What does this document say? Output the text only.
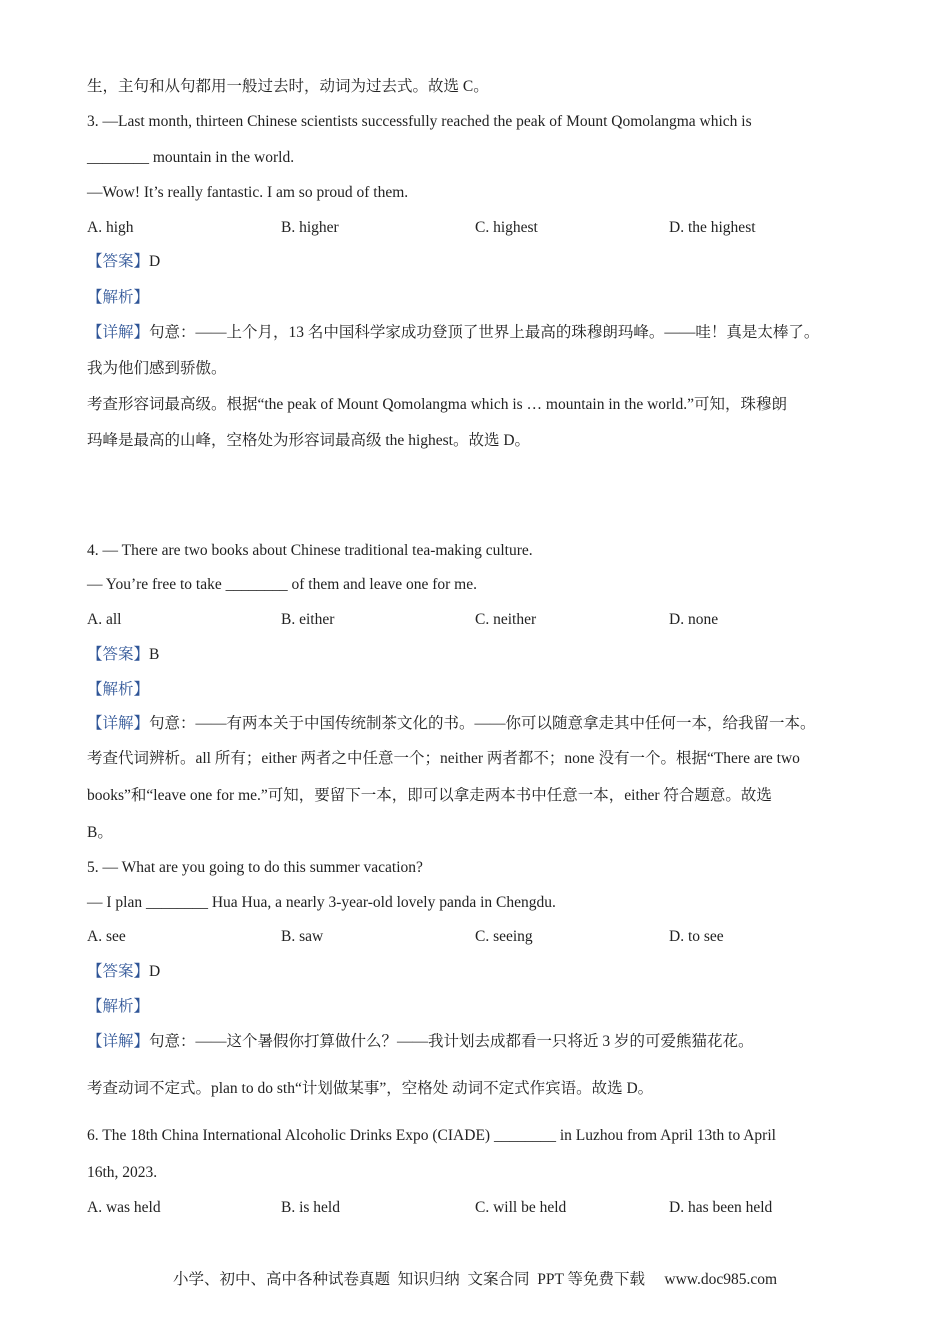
生，主句和从句都用一般过去时，动词为过去式。故选 C。
3. —Last month, thirteen Chinese scientists successfully reached the peak of Mount Qomolangma which is
________ mountain in the world.
—Wow! It’s really fantastic. I am so proud of them.
A. high	B. higher	C. highest	D. the highest
【答案】D
【解析】
【详解】句意：——上个月，13 名中国科学家成功登顶了世界上最高的珠穆朗玛峰。——哇！真是太棒了。
我为他们感到骄傲。
考查形容词最高级。根据“the peak of Mount Qomolangma which is … mountain in the world.”可知，珠穆朗
玛峰是最高的山峰，空格处为形容词最高级 the highest。故选 D。
4. — There are two books about Chinese traditional tea-making culture.
— You’re free to take ________ of them and leave one for me.
A. all	B. either	C. neither	D. none
【答案】B
【解析】
【详解】句意：——有两本关于中国传统制茶文化的书。——你可以随意拿走其中任何一本，给我留一本。
考查代词辨析。all 所有；either 两者之中任意一个；neither 两者都不；none 没有一个。根据“There are two
books”和“leave one for me.”可知，要留下一本，即可以拿走两本书中任意一本，either 符合题意。故选
B。
5. — What are you going to do this summer vacation?
— I plan ________ Hua Hua, a nearly 3-year-old lovely panda in Chengdu.
A. see	B. saw	C. seeing	D. to see
【答案】D
【解析】
【详解】句意：——这个暑假你打算做什么？——我计划去成都看一只将近 3 岁的可爱熊猫花花。
考查动词不定式。plan to do sth“计划做某事”，空格处 动词不定式作宾语。故选 D。
6. The 18th China International Alcoholic Drinks Expo (CIADE) ________ in Luzhou from April 13th to April
16th, 2023.
A. was held	B. is held	C. will be held	D. has been held
小学、初中、高中各种试卷真题  知识归纳  文案合同  PPT 等免费下载     www.doc985.com
